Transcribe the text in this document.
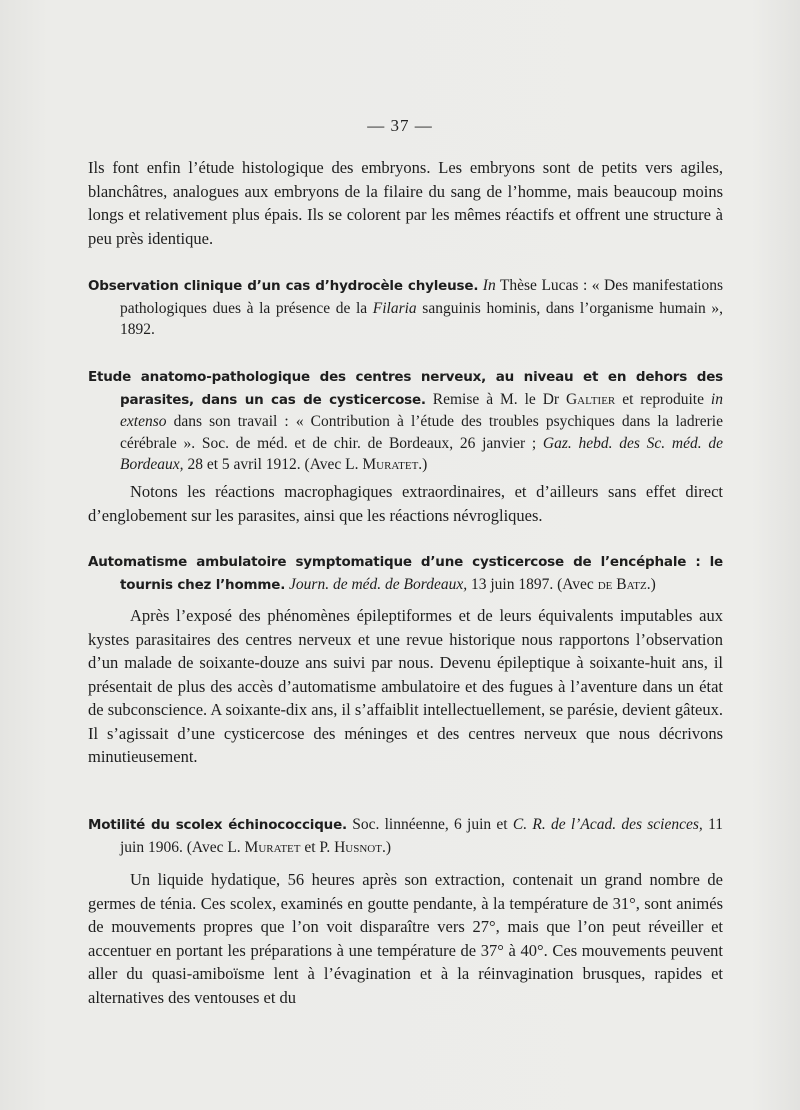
— 37 —

Ils font enfin l’étude histologique des embryons. Les embryons sont de petits vers agiles, blanchâtres, analogues aux embryons de la filaire du sang de l’homme, mais beaucoup moins longs et relativement plus épais. Ils se colorent par les mêmes réactifs et offrent une structure à peu près identique.

Observation clinique d’un cas d’hydrocèle chyleuse. In Thèse Lucas : « Des manifestations pathologiques dues à la présence de la Filaria sanguinis hominis, dans l’organisme humain », 1892.

Etude anatomo-pathologique des centres nerveux, au niveau et en dehors des parasites, dans un cas de cysticercose. Remise à M. le Dr Galtier et reproduite in extenso dans son travail : « Contribution à l’étude des troubles psychiques dans la ladrerie cérébrale ». Soc. de méd. et de chir. de Bordeaux, 26 janvier ; Gaz. hebd. des Sc. méd. de Bordeaux, 28 et 5 avril 1912. (Avec L. Muratet.)

Notons les réactions macrophagiques extraordinaires, et d’ailleurs sans effet direct d’englobement sur les parasites, ainsi que les réactions névrogliques.

Automatisme ambulatoire symptomatique d’une cysticercose de l’encéphale : le tournis chez l’homme. Journ. de méd. de Bordeaux, 13 juin 1897. (Avec de Batz.)

Après l’exposé des phénomènes épileptiformes et de leurs équivalents imputables aux kystes parasitaires des centres nerveux et une revue historique nous rapportons l’observation d’un malade de soixante-douze ans suivi par nous. Devenu épileptique à soixante-huit ans, il présentait de plus des accès d’automatisme ambulatoire et des fugues à l’aventure dans un état de subconscience. A soixante-dix ans, il s’affaiblit intellectuellement, se parésie, devient gâteux. Il s’agissait d’une cysticercose des méninges et des centres nerveux que nous décrivons minutieusement.

Motilité du scolex échinococcique. Soc. linnéenne, 6 juin et C. R. de l’Acad. des sciences, 11 juin 1906. (Avec L. Muratet et P. Husnot.)

Un liquide hydatique, 56 heures après son extraction, contenait un grand nombre de germes de ténia. Ces scolex, examinés en goutte pendante, à la température de 31°, sont animés de mouvements propres que l’on voit disparaître vers 27°, mais que l’on peut réveiller et accentuer en portant les préparations à une température de 37° à 40°. Ces mouvements peuvent aller du quasi-amiboïsme lent à l’évagination et à la réinvagination brusques, rapides et alternatives des ventouses et du
